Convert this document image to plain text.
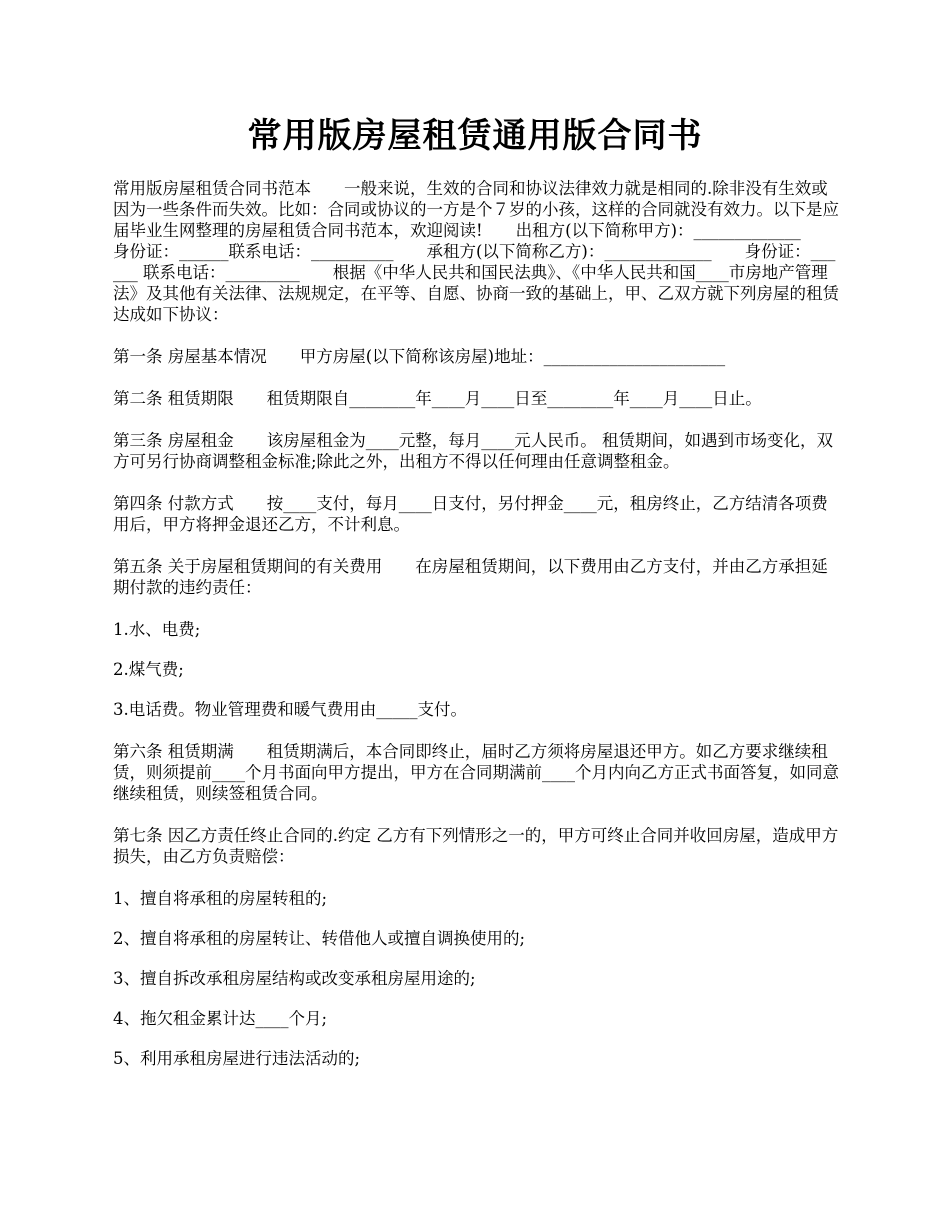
常用版房屋租赁通用版合同书

常用版房屋租赁合同书范本　　一般来说，生效的合同和协议法律效力就是相同的.除非没有生效或因为一些条件而失效。比如：合同或协议的一方是个７岁的小孩，这样的合同就没有效力。以下是应届毕业生网整理的房屋租赁合同书范本，欢迎阅读!　　出租方(以下简称甲方)：_____________　　身份证：______联系电话：__________　　承租方(以下简称乙方)：_____________　　身份证：______ 联系电话：_________　　根据《中华人民共和国民法典》、《中华人民共和国____市房地产管理法》及其他有关法律、法规规定，在平等、自愿、协商一致的基础上，甲、乙双方就下列房屋的租赁达成如下协议：

第一条 房屋基本情况　　甲方房屋(以下简称该房屋)地址：______________________

第二条 租赁期限　　租赁期限自________年____月____日至________年____月____日止。

第三条 房屋租金　　该房屋租金为____元整，每月____元人民币。 租赁期间，如遇到市场变化，双方可另行协商调整租金标准;除此之外，出租方不得以任何理由任意调整租金。

第四条 付款方式　　按____支付，每月____日支付，另付押金____元，租房终止，乙方结清各项费用后，甲方将押金退还乙方，不计利息。

第五条 关于房屋租赁期间的有关费用　　在房屋租赁期间，以下费用由乙方支付，并由乙方承担延期付款的违约责任：

1.水、电费;

2.煤气费;

3.电话费。物业管理费和暖气费用由_____支付。

第六条 租赁期满　　租赁期满后，本合同即终止，届时乙方须将房屋退还甲方。如乙方要求继续租赁，则须提前____个月书面向甲方提出，甲方在合同期满前____个月内向乙方正式书面答复，如同意继续租赁，则续签租赁合同。

第七条 因乙方责任终止合同的.约定 乙方有下列情形之一的，甲方可终止合同并收回房屋，造成甲方损失，由乙方负责赔偿：

1、擅自将承租的房屋转租的;

2、擅自将承租的房屋转让、转借他人或擅自调换使用的;

3、擅自拆改承租房屋结构或改变承租房屋用途的;

4、拖欠租金累计达____个月;

5、利用承租房屋进行违法活动的;
